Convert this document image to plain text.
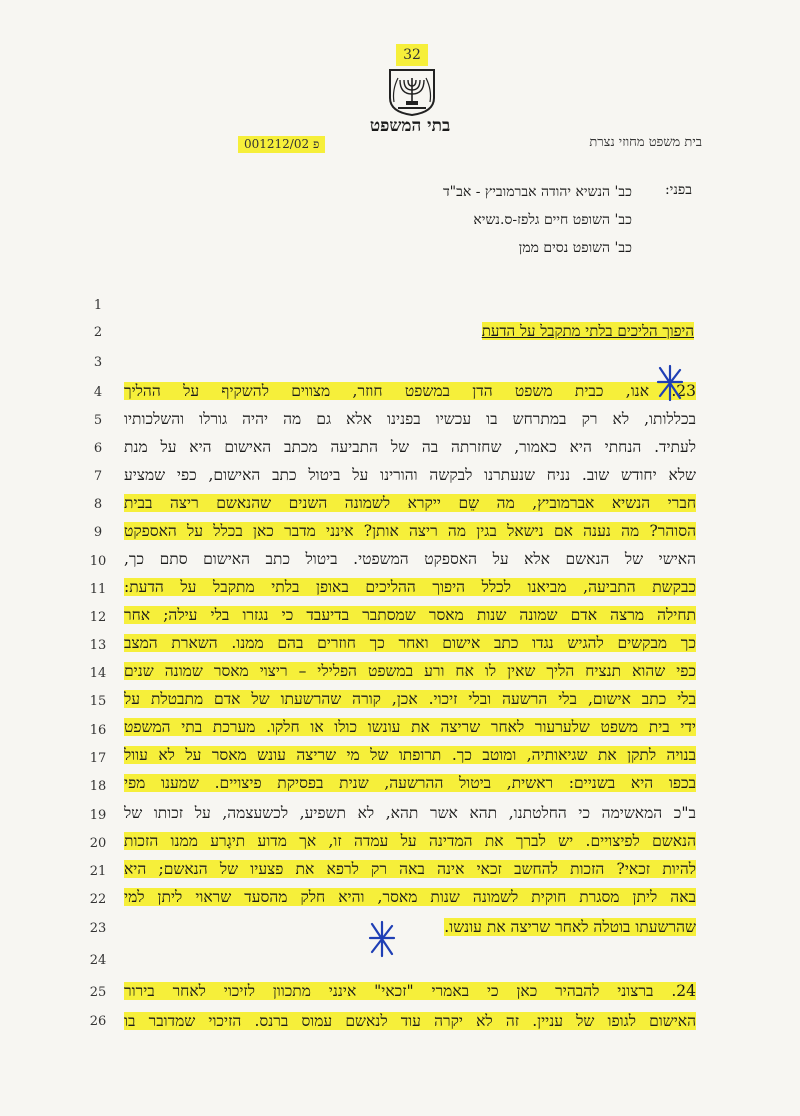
32
בתי המשפט
בית משפט מחוזי נצרת
פ 001212/02
בפני:
כב' הנשיא יהודה אברמוביץ - אב"ד
כב' השופט חיים גלפז-ס.נשיא
כב' השופט נסים ממן
היפוך הליכים בלתי מתקבל על הדעת
1
2
3
4
5
6
7
8
9
10
11
12
13
14
15
16
17
18
19
20
21
22
23
24
25
26
23. אנו, כבית משפט הדן במשפט חוזר, מצווים להשקיף על ההליך
בכללותו, לא רק במתרחש בו עכשיו בפנינו אלא גם מה יהיה גורלו והשלכותיו
לעתיד. הנחתי היא כאמור, שחזרתה בה של התביעה מכתב האישום היא על מנת
שלא יחודש שוב. נניח שנעתרנו לבקשה והורינו על ביטול כתב האישום, כפי שמציע
חברי הנשיא אברמוביץ, מה שֵם ייקרא לשמונה השנים שהנאשם ריצה בבית
הסוהר? מה נענה אם נישאל בגין מה ריצה אותן? אינני מדבר כאן בכלל על האספקט
האישי של הנאשם אלא על האספקט המשפטי. ביטול כתב האישום סתם כך,
כבקשת התביעה, מביאנו לכלל היפוך ההליכים באופן בלתי מתקבל על הדעת:
תחילה מרצה אדם שמונה שנות מאסר שמסתבר בדיעבד כי נגזרו בלי עילה; אחר
כך מבקשים להגיש נגדו כתב אישום ואחר כך חוזרים בהם ממנו. השארת המצב
כפי שהוא תנציח הליך שאין לו אח ורע במשפט הפלילי – ריצוי מאסר שמונה שנים
בלי כתב אישום, בלי הרשעה ובלי זיכוי. אכן, קורה שהרשעתו של אדם מתבטלת על
ידי בית משפט שלערעור לאחר שריצה את עונשו כולו או חלקו. מערכת בתי המשפט
בנויה לתקן את שגיאותיה, ומוטב כך. תרופתו של מי שריצה עונש מאסר על לא עוול
בכפו היא בשניים: ראשית, ביטול ההרשעה, שנית בפסיקת פיצויים. שמענו מפי
ב"כ המאשימה כי החלטתנו, תהא אשר תהא, לא תשפיע, לכשעצמה, על זכותו של
הנאשם לפיצויים. יש לברך את המדינה על עמדה זו, אך מדוע תיגָרע ממנו הזכות
להיות זכאי? הזכות להחשב זכאי אינה באה רק לרפא את פצעיו של הנאשם; היא
באה ליתן מסגרת חוקית לשמונה שנות מאסר, והיא חלק מהסעד שראוי ליתן למי
שהרשעתו בוטלה לאחר שריצה את עונשו.
24. ברצוני להבהיר כאן כי באמרי "זכאי" אינני מתכוון לזיכוי לאחר בירור
האישום לגופו של עניין. זה לא יקרה עוד לנאשם עמוס ברנס. הזיכוי שמדובר בו
